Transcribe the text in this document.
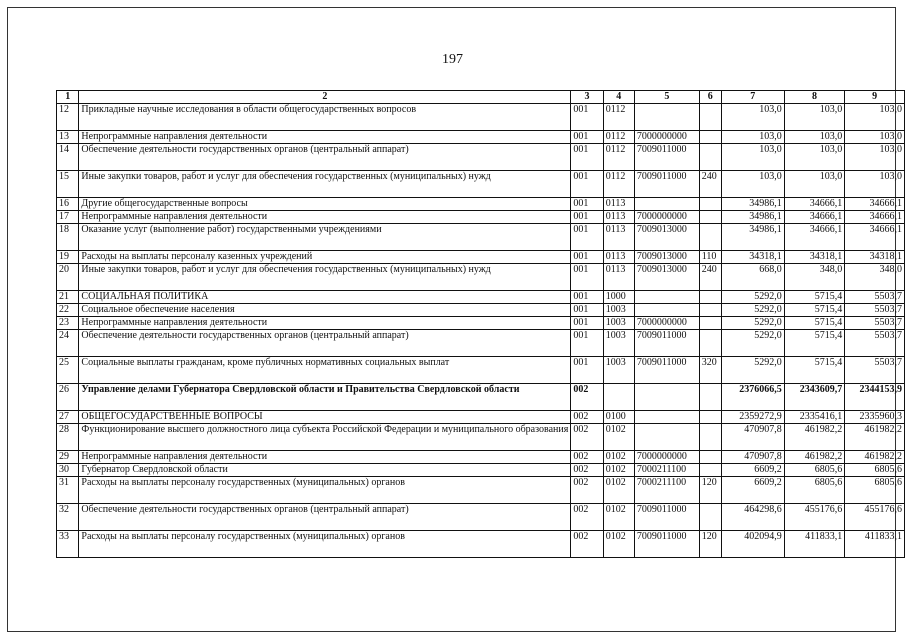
197
1	2	3	4	5	6	7	8	9
12	Прикладные научные исследования в области общегосударственных вопросов	001	0112			103,0	103,0	103,0
13	Непрограммные направления деятельности	001	0112	7000000000		103,0	103,0	103,0
14	Обеспечение деятельности государственных органов (центральный аппарат)	001	0112	7009011000		103,0	103,0	103,0
15	Иные закупки товаров, работ и услуг для обеспечения государственных (муниципальных) нужд	001	0112	7009011000	240	103,0	103,0	103,0
16	Другие общегосударственные вопросы	001	0113			34986,1	34666,1	34666,1
17	Непрограммные направления деятельности	001	0113	7000000000		34986,1	34666,1	34666,1
18	Оказание услуг (выполнение работ) государственными учреждениями	001	0113	7009013000		34986,1	34666,1	34666,1
19	Расходы на выплаты персоналу казенных учреждений	001	0113	7009013000	110	34318,1	34318,1	34318,1
20	Иные закупки товаров, работ и услуг для обеспечения государственных (муниципальных) нужд	001	0113	7009013000	240	668,0	348,0	348,0
21	СОЦИАЛЬНАЯ ПОЛИТИКА	001	1000			5292,0	5715,4	5503,7
22	Социальное обеспечение населения	001	1003			5292,0	5715,4	5503,7
23	Непрограммные направления деятельности	001	1003	7000000000		5292,0	5715,4	5503,7
24	Обеспечение деятельности государственных органов (центральный аппарат)	001	1003	7009011000		5292,0	5715,4	5503,7
25	Социальные выплаты гражданам, кроме публичных нормативных социальных выплат	001	1003	7009011000	320	5292,0	5715,4	5503,7
26	Управление делами Губернатора Свердловской области и Правительства Свердловской области	002				2376066,5	2343609,7	2344153,9
27	ОБЩЕГОСУДАРСТВЕННЫЕ ВОПРОСЫ	002	0100			2359272,9	2335416,1	2335960,3
28	Функционирование высшего должностного лица субъекта Российской Федерации и муниципального образования	002	0102			470907,8	461982,2	461982,2
29	Непрограммные направления деятельности	002	0102	7000000000		470907,8	461982,2	461982,2
30	Губернатор Свердловской области	002	0102	7000211100		6609,2	6805,6	6805,6
31	Расходы на выплаты персоналу государственных (муниципальных) органов	002	0102	7000211100	120	6609,2	6805,6	6805,6
32	Обеспечение деятельности государственных органов (центральный аппарат)	002	0102	7009011000		464298,6	455176,6	455176,6
33	Расходы на выплаты персоналу государственных (муниципальных) органов	002	0102	7009011000	120	402094,9	411833,1	411833,1
